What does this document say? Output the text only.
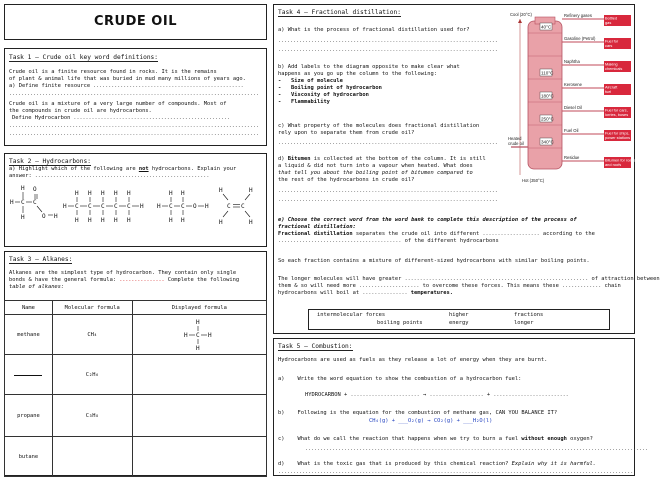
CRUDE OIL
Task 1 – Crude oil key word definitions:
Crude oil is a finite resource found in rocks. It is the remains
of plant & animal life that was buried in mud many millions of years ago.
a) Define finite resource ..................................................
...................................................................................
Crude oil is a mixture of a very large number of compounds. Most of
the compounds in crude oil are hydrocarbons.
Define Hydrocarbon ....................................................
...................................................................................
...................................................................................
Task 2 – Hydrocarbons:
a) Highlight which of the following are not hydrocarbons. Explain your
answer: ..........................................................
H
H C C
H
O
O H
H C
H
H
C
H
H
C
H
H
C
H
H
C
H
H
H
H H
H C C O H
H H
H	H
C C
H	H
Task 3 – Alkanes:
Alkanes are the simplest type of hydrocarbon. They contain only single
bonds & have the general formula: ............... Complete the following
table of alkanes:
Name	Molecular formula	Displayed formula
methane	CH₄	H
H C H
H

	C₂H₆	
propane	C₃H₈	
butane		
Task 4 – Fractional distillation:
a) What is the process of fractional distillation used for?
.........................................................................
.........................................................................
b) Add labels to the diagram opposite to make clear what
happens as you go up the column to the following:
-   Size of molecule
-   Boiling point of hydrocarbon
-   Viscosity of hydrocarbon
-   Flammability
c) What property of the molecules does fractional distillation
rely upon to separate them from crude oil?
.........................................................................
d) Bitumen is collected at the bottom of the column. It is still
a liquid & did not turn into a vapour when heated. What does
that tell you about the boiling point of bitumen compared to
the rest of the hydrocarbons in crude oil?
.........................................................................
.........................................................................
e) Choose the correct word from the word bank to complete this description of the process of
fractional distillation:
Fractional distillation separates the crude oil into different ................... according to the
......................................... of the different hydrocarbons
So each fraction contains a mixture of different-sized hydrocarbons with similar boiling points.
The longer molecules will have greater ............................................................. of attraction between
them & so will need more .................... to overcome these forces. This means these ............. chain
hydrocarbons will boil at ............... temperatures.
intermolecular forces	higher	fractions
boiling points	energy	longer
Cool (20°C)	Refinery gases
40°C
Bottled
gas
Gasoline (Petrol) Fuel for
cars
Naphtha
110°C
Making
chemicals
Kerosene
180°C
Aircraft
fuel
Diesel Oil
250°C
Fuel for cars,
lorries, buses
Fuel Oil
340°C
Fuel for ships,
power stations
Residue	Bitumen for roads
and roofs
Heated crude oil
Hot (350°C)
Task 5 – Combustion:
Hydrocarbons are used as fuels as they release a lot of energy when they are burnt.
a)    Write the word equation to show the combustion of a hydrocarbon fuel:
HYDROCARBON + ....................... → .................. + .........................
b)    Following is the equation for the combustion of methane gas, CAN YOU BALANCE IT?
CH₄(g) + ___O₂(g) → CO₂(g) + ___H₂O(l)
c)    What do we call the reaction that happens when we try to burn a fuel without enough oxygen?
..................................................................................................................
d)    What is the toxic gas that is produced by this chemical reaction? Explain why it is harmful.
......................................................................................................................
